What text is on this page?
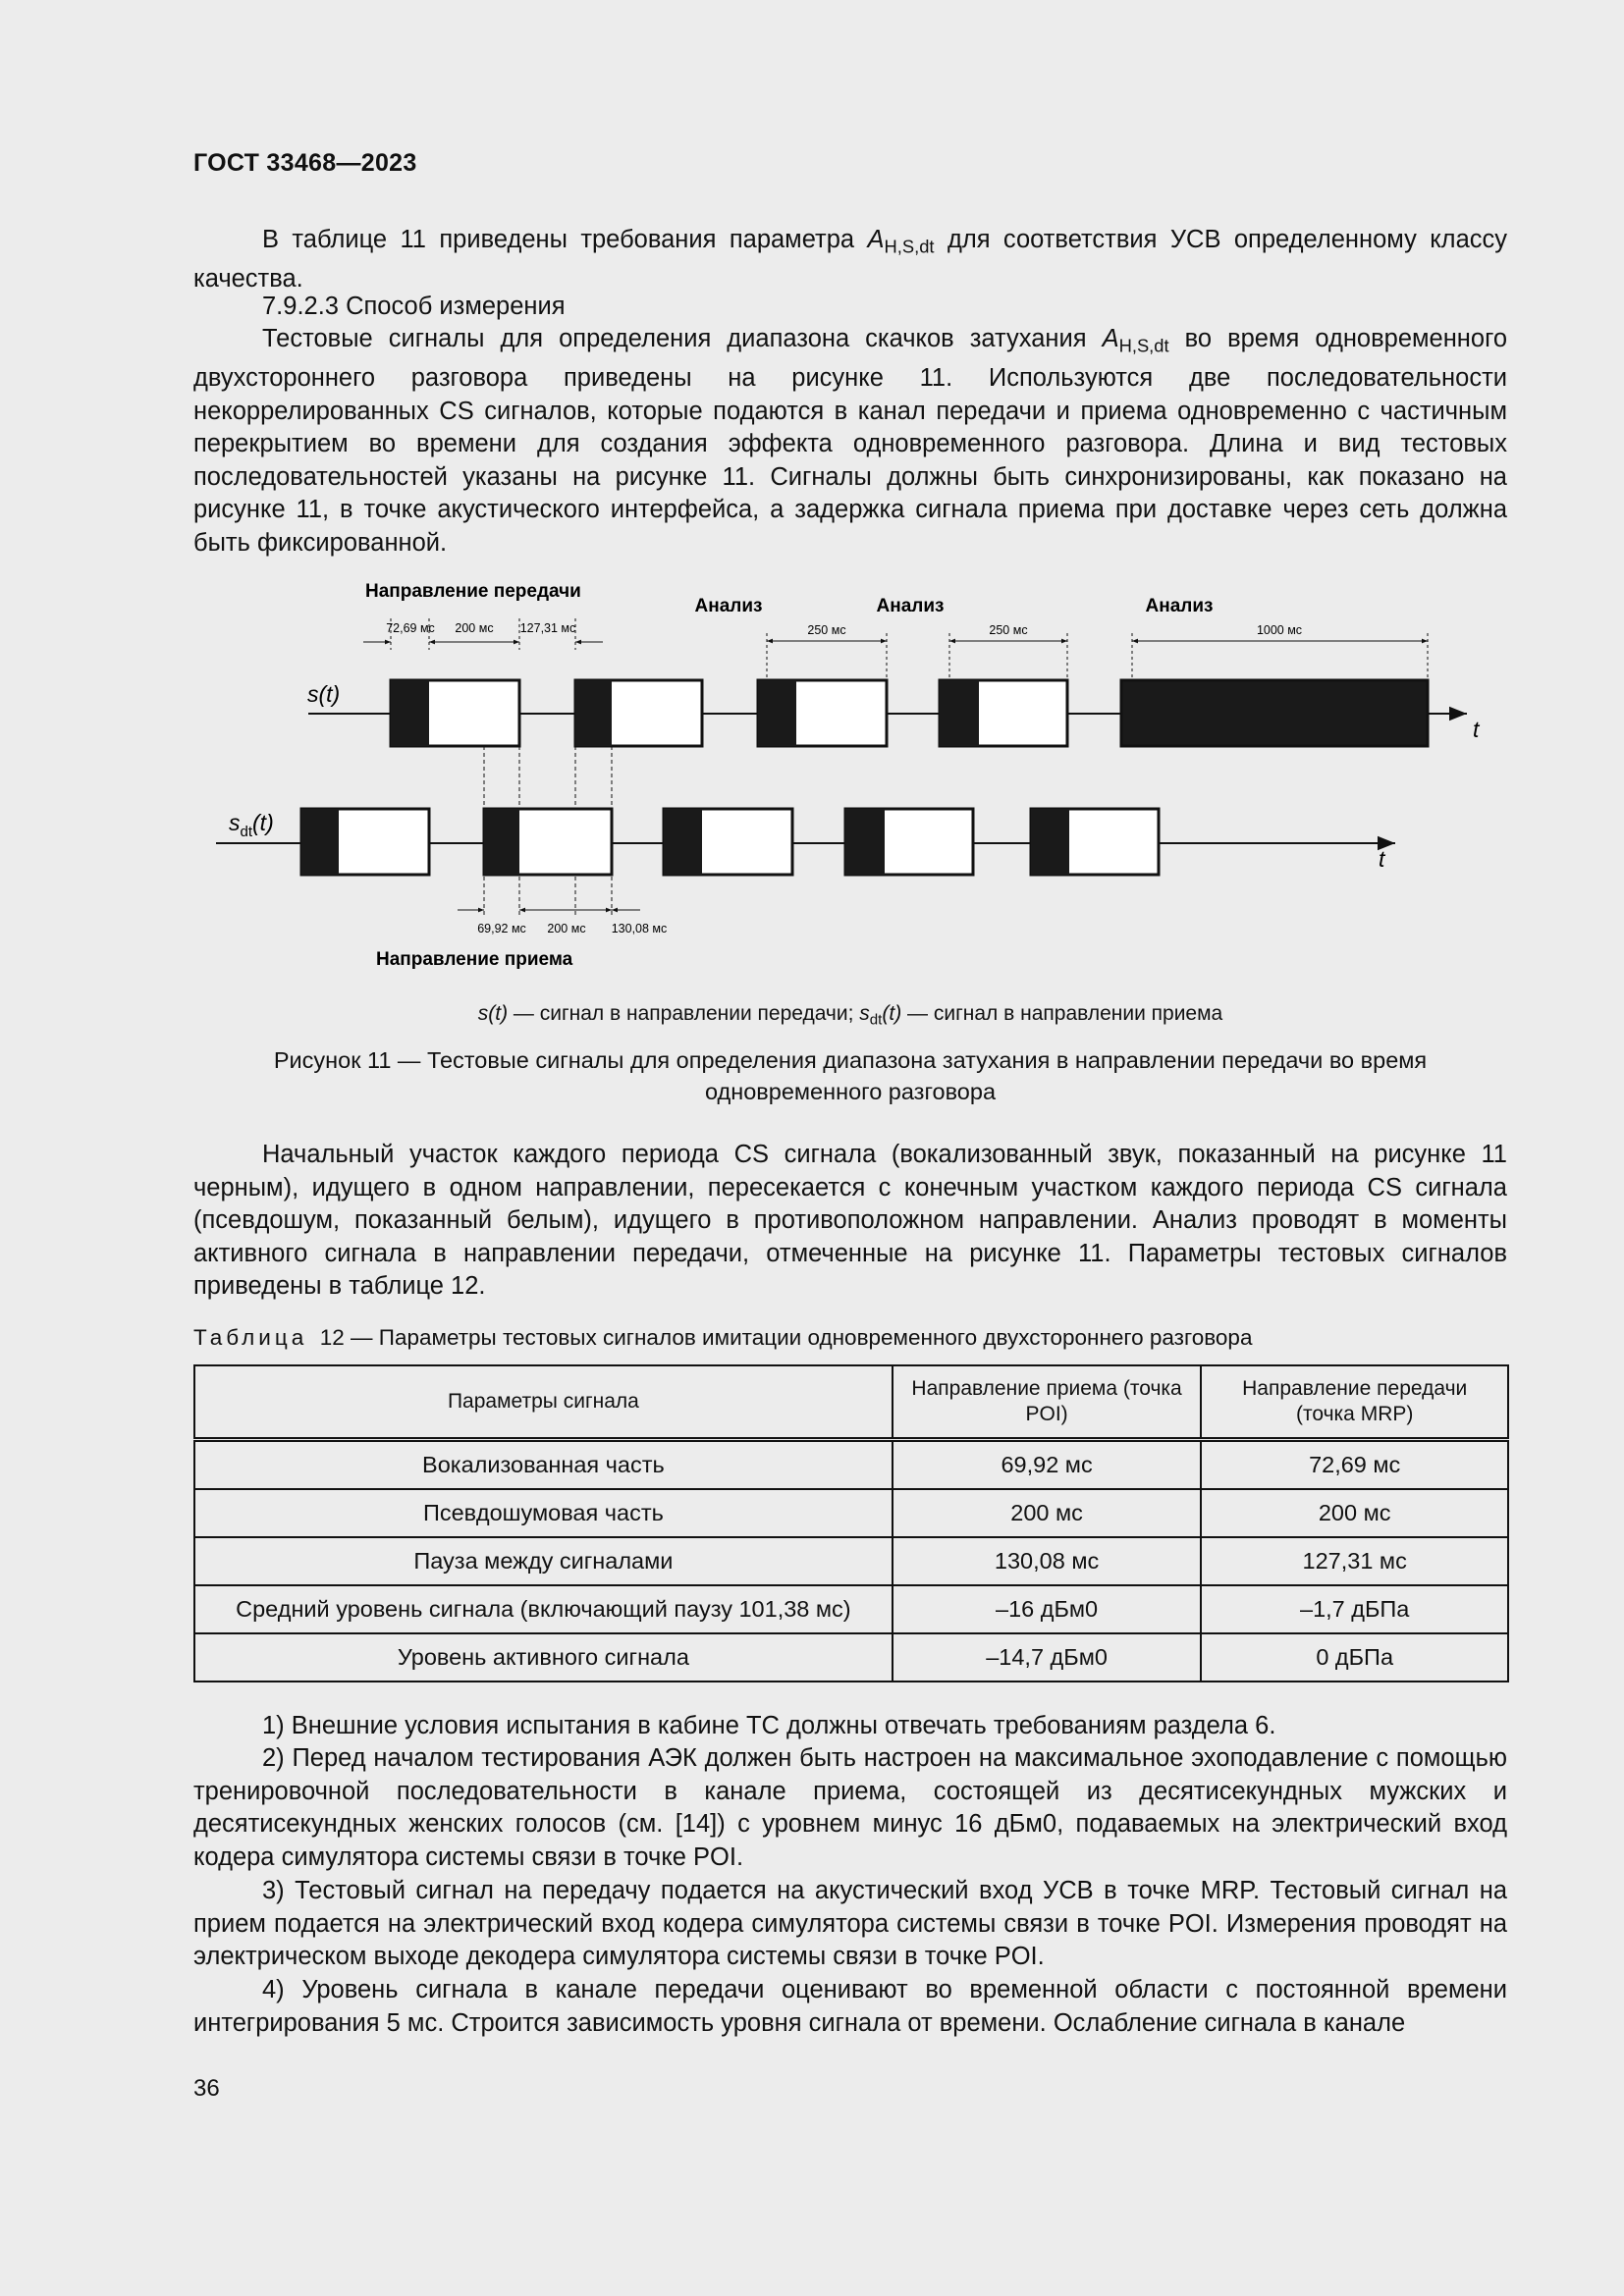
ГОСТ 33468—2023

В таблице 11 приведены требования параметра $A_{H,S,dt}$ для соответствия УСВ определенному классу качества.

7.9.2.3 Способ измерения

Тестовые сигналы для определения диапазона скачков затухания $A_{H,S,dt}$ во время одновременного двухстороннего разговора приведены на рисунке 11. Используются две последовательности некоррелированных CS сигналов, которые подаются в канал передачи и приема одновременно с частичным перекрытием во времени для создания эффекта одновременного разговора. Длина и вид тестовых последовательностей указаны на рисунке 11. Сигналы должны быть синхронизированы, как показано на рисунке 11, в точке акустического интерфейса, а задержка сигнала приема при доставке через сеть должна быть фиксированной.

Направление передачи
Анализ	Анализ	Анализ
72,69 мс 200 мс 127,31 мс	250 мс	250 мс	1000 мс
s(t)
t
$s_{dt}(t)$
t
69,92 мс 200 мс 130,08 мс
Направление приема
s(t) — сигнал в направлении передачи; $s_{dt}(t)$ — сигнал в направлении приема
Рисунок 11 — Тестовые сигналы для определения диапазона затухания в направлении передачи во время одновременного разговора

Начальный участок каждого периода CS сигнала (вокализованный звук, показанный на рисунке 11 черным), идущего в одном направлении, пересекается с конечным участком каждого периода CS сигнала (псевдошум, показанный белым), идущего в противоположном направлении. Анализ проводят в моменты активного сигнала в направлении передачи, отмеченные на рисунке 11. Параметры тестовых сигналов приведены в таблице 12.

Таблица 12 — Параметры тестовых сигналов имитации одновременного двухстороннего разговора
Параметры сигнала	Направление приема (точка POI)	Направление передачи (точка MRP)
Вокализованная часть	69,92 мс	72,69 мс
Псевдошумовая часть	200 мс	200 мс
Пауза между сигналами	130,08 мс	127,31 мс
Средний уровень сигнала (включающий паузу 101,38 мс)	–16 дБм0	–1,7 дБПа
Уровень активного сигнала	–14,7 дБм0	0 дБПа

1) Внешние условия испытания в кабине ТС должны отвечать требованиям раздела 6.

2) Перед началом тестирования АЭК должен быть настроен на максимальное эхоподавление с помощью тренировочной последовательности в канале приема, состоящей из десятисекундных мужских и десятисекундных женских голосов (см. [14]) с уровнем минус 16 дБм0, подаваемых на электрический вход кодера симулятора системы связи в точке POI.

3) Тестовый сигнал на передачу подается на акустический вход УСВ в точке MRP. Тестовый сигнал на прием подается на электрический вход кодера симулятора системы связи в точке POI. Измерения проводят на электрическом выходе декодера симулятора системы связи в точке POI.

4) Уровень сигнала в канале передачи оценивают во временной области с постоянной времени интегрирования 5 мс. Строится зависимость уровня сигнала от времени. Ослабление сигнала в канале

36
